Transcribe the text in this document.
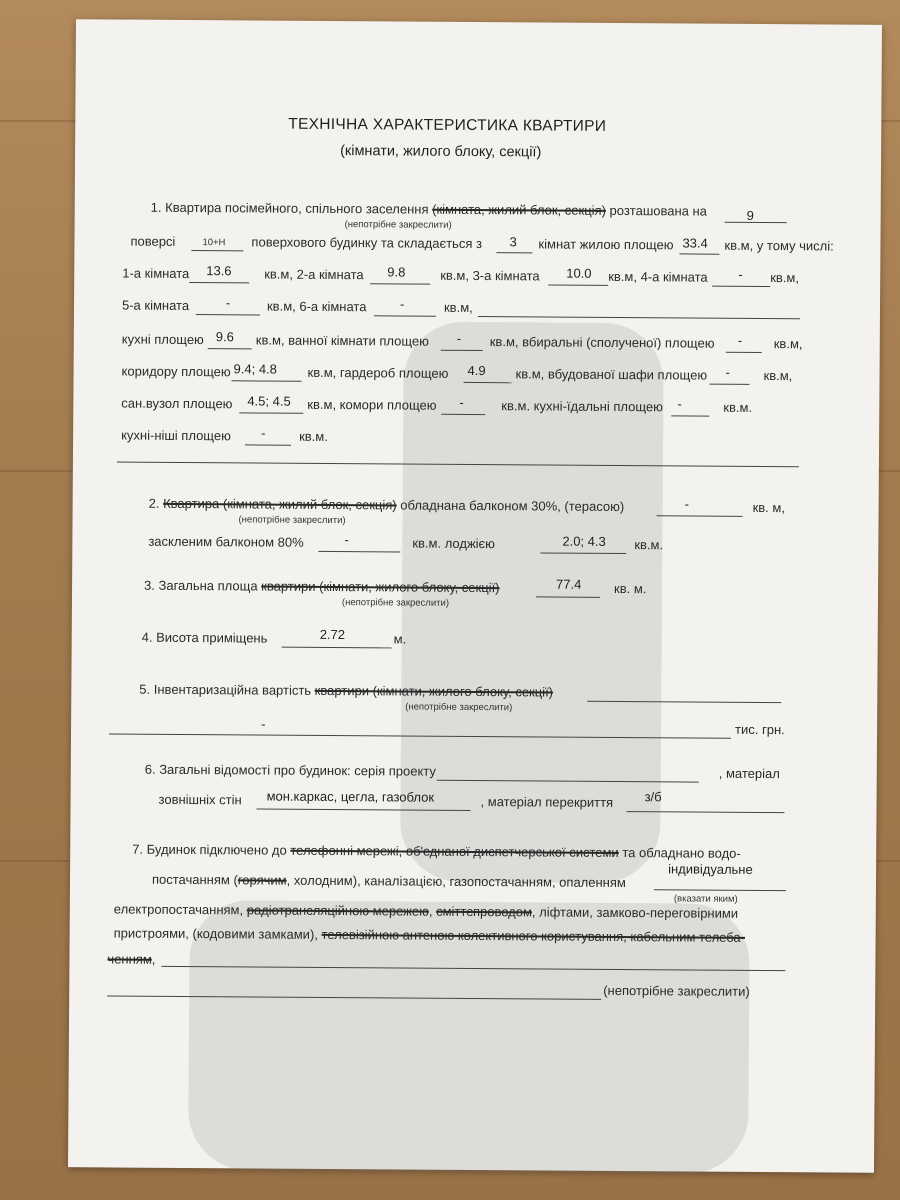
ТЕХНІЧНА ХАРАКТЕРИСТИКА КВАРТИРИ
(кімнати, жилого блоку, секції)
1. Квартира посімейного, спільного заселення (кімната, жилий блок, секція) розташована на	9
(непотрібне закреслити)
поверсі	10+Н поверхового будинку та складається з 3 кімнат жилою площею 33.4 кв.м, у тому числі:
1-а кімната 13.6	кв.м, 2-а кімната 9.8	кв.м, 3-а кімната 10.0 кв.м, 4-а кімната - кв.м,
5-а кімната	-	кв.м, 6-а кімната	-	кв.м,
кухні площею 9.6 кв.м, ванної кімнати площею - кв.м, вбиральні (сполученої) площею - кв.м,
коридору площею 9.4; 4.8 кв.м, гардероб площею 4.9 кв.м, вбудованої шафи площею -	кв.м,
сан.вузол площею 4.5; 4.5 кв.м, комори площею -	кв.м. кухні-їдальні площею -	кв.м.
кухні-ніші площею -	кв.м.
2. Квартира (кімната, жилий блок, секція) обладнана балконом 30%, (терасою)	-	кв. м,
(непотрібне закреслити)
заскленим балконом 80%	-	кв.м. лоджією	2.0; 4.3 кв.м.
3. Загальна площа квартири (кімнати, жилого блоку, секції)	77.4	кв. м.
(непотрібне закреслити)
4. Висота приміщень	2.72	м.
5. Інвентаризаційна вартість квартири (кімнати, жилого блоку, секції)
(непотрібне закреслити)
-	тис. грн.
6. Загальні відомості про будинок: серія проекту	, матеріал
зовнішніх стін мон.каркас, цегла, газоблок	, матеріал перекриття з/б
7. Будинок підключено до телефонні мережі, об'єднаної диспетчерської системи та обладнано водо-
постачанням (горячим, холодним), каналізацією, газопостачанням, опаленням
індивідуальне
(вказати яким)
електропостачанням, радіотрансляційною мережею, сміттєпроводом, ліфтами, замково-переговірними
пристроями, (кодовими замками), телевізійною антеною колективного користування, кабельним телеба-
ченням,
(непотрібне закреслити)
